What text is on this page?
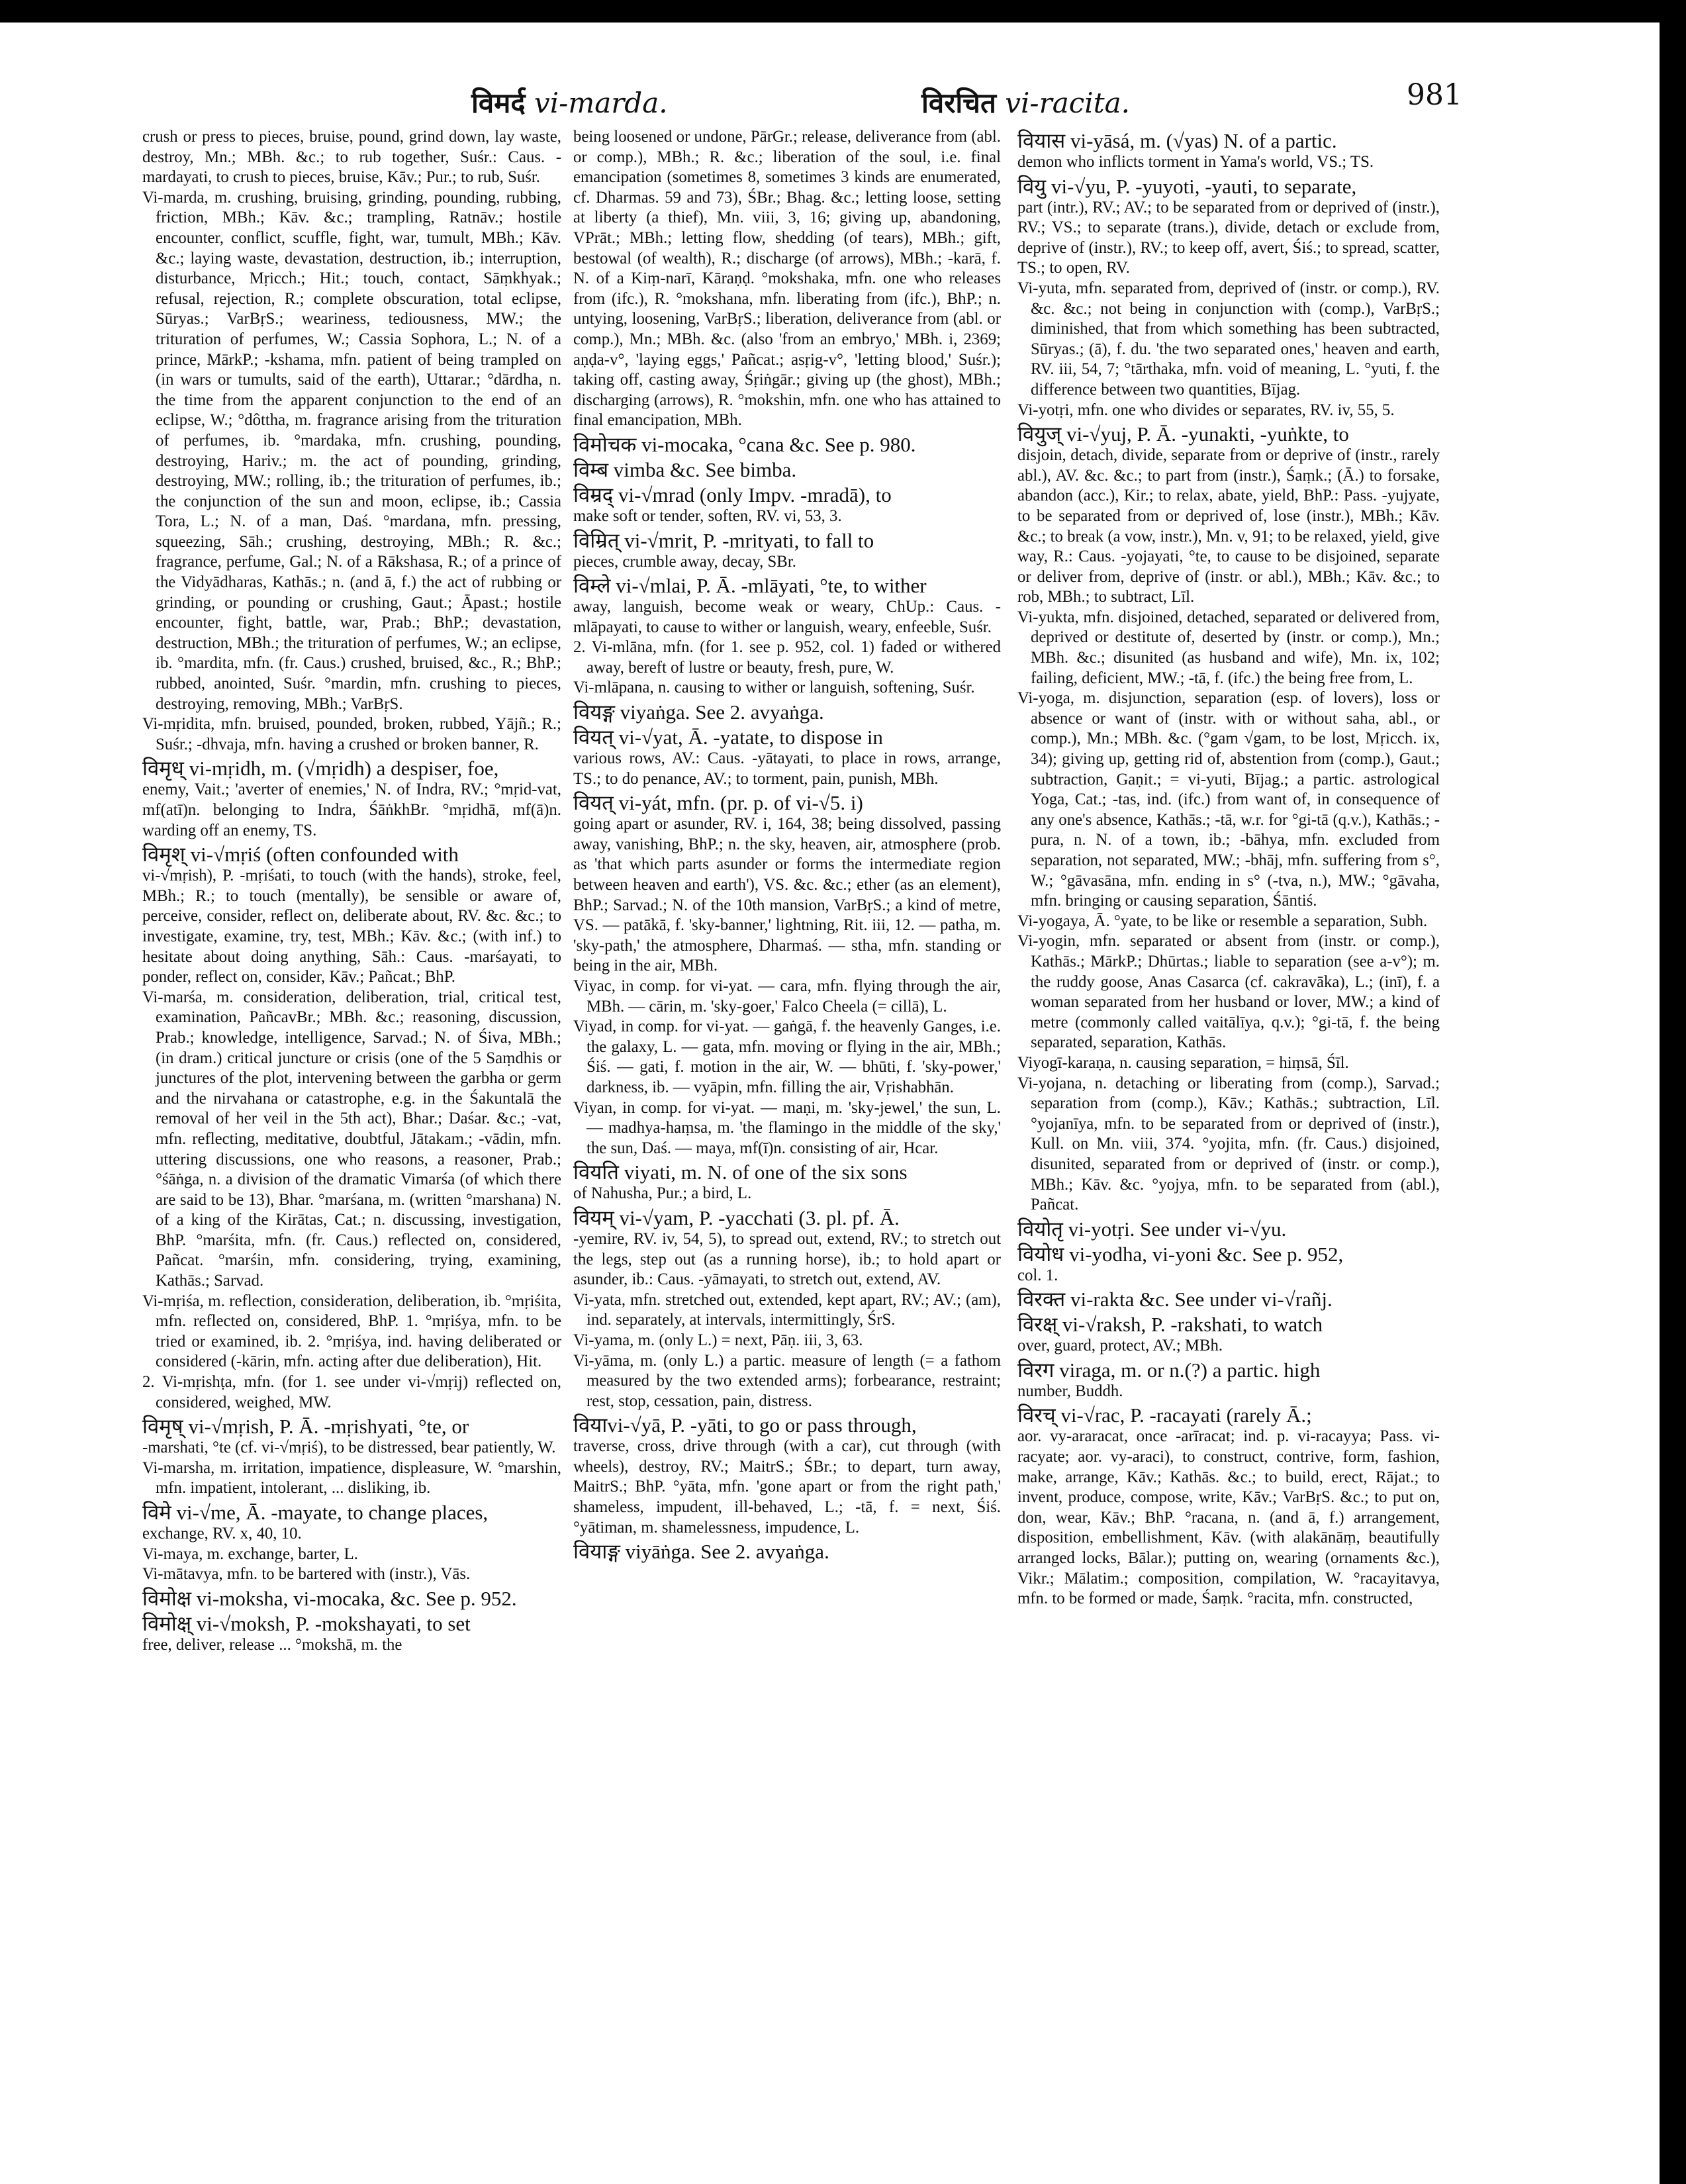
विमर्द vi-marda.	विरचित vi-racita.	981

crush or press to pieces, bruise, pound, grind down, lay waste, destroy, Mn.; MBh. &c.; to rub together, Suśr.: Caus. -mardayati, to crush to pieces, bruise, Kāv.; Pur.; to rub, Suśr.

Vi-marda, m. crushing, bruising, grinding, pounding, rubbing, friction, MBh.; Kāv. &c.; trampling, Ratnāv.; hostile encounter, conflict, scuffle, fight, war, tumult, MBh.; Kāv. &c.; laying waste, devastation, destruction, ib.; interruption, disturbance, Mṛicch.; Hit.; touch, contact, Sāṃkhyak.; refusal, rejection, R.; complete obscuration, total eclipse, Sūryas.; VarBṛS.; weariness, tediousness, MW.; the trituration of perfumes, W.; Cassia Sophora, L.; N. of a prince, MārkP.; -kshama, mfn. patient of being trampled on (in wars or tumults, said of the earth), Uttarar.; °dārdha, n. the time from the apparent conjunction to the end of an eclipse, W.; °dôttha, m. fragrance arising from the trituration of perfumes, ib. °mardaka, mfn. crushing, pounding, destroying, Hariv.; m. the act of pounding, grinding, destroying, MW.; rolling, ib.; the trituration of perfumes, ib.; the conjunction of the sun and moon, eclipse, ib.; Cassia Tora, L.; N. of a man, Daś. °mardana, mfn. pressing, squeezing, Sāh.; crushing, destroying, MBh.; R. &c.; fragrance, perfume, Gal.; N. of a Rākshasa, R.; of a prince of the Vidyādharas, Kathās.; n. (and ā, f.) the act of rubbing or grinding, or pounding or crushing, Gaut.; Āpast.; hostile encounter, fight, battle, war, Prab.; BhP.; devastation, destruction, MBh.; the trituration of perfumes, W.; an eclipse, ib. °mardita, mfn. (fr. Caus.) crushed, bruised, &c., R.; BhP.; rubbed, anointed, Suśr. °mardin, mfn. crushing to pieces, destroying, removing, MBh.; VarBṛS.

Vi-mṛidita, mfn. bruised, pounded, broken, rubbed, Yājñ.; R.; Suśr.; -dhvaja, mfn. having a crushed or broken banner, R.

विमृध् vi-mṛidh, m. (√mṛidh) a despiser, foe,

enemy, Vait.; 'averter of enemies,' N. of Indra, RV.; °mṛid-vat, mf(atī)n. belonging to Indra, ŚāṅkhBr. °mṛidhā, mf(ā)n. warding off an enemy, TS.

विमृश् vi-√mṛiś (often confounded with

vi-√mṛish), P. -mṛiśati, to touch (with the hands), stroke, feel, MBh.; R.; to touch (mentally), be sensible or aware of, perceive, consider, reflect on, deliberate about, RV. &c. &c.; to investigate, examine, try, test, MBh.; Kāv. &c.; (with inf.) to hesitate about doing anything, Sāh.: Caus. -marśayati, to ponder, reflect on, consider, Kāv.; Pañcat.; BhP.

Vi-marśa, m. consideration, deliberation, trial, critical test, examination, PañcavBr.; MBh. &c.; reasoning, discussion, Prab.; knowledge, intelligence, Sarvad.; N. of Śiva, MBh.; (in dram.) critical juncture or crisis (one of the 5 Saṃdhis or junctures of the plot, intervening between the garbha or germ and the nirvahana or catastrophe, e.g. in the Śakuntalā the removal of her veil in the 5th act), Bhar.; Daśar. &c.; -vat, mfn. reflecting, meditative, doubtful, Jātakam.; -vādin, mfn. uttering discussions, one who reasons, a reasoner, Prab.; °śāṅga, n. a division of the dramatic Vimarśa (of which there are said to be 13), Bhar. °marśana, m. (written °marshana) N. of a king of the Kirātas, Cat.; n. discussing, investigation, BhP. °marśita, mfn. (fr. Caus.) reflected on, considered, Pañcat. °marśin, mfn. considering, trying, examining, Kathās.; Sarvad.

Vi-mṛiśa, m. reflection, consideration, deliberation, ib. °mṛiśita, mfn. reflected on, considered, BhP. 1. °mṛiśya, mfn. to be tried or examined, ib. 2. °mṛiśya, ind. having deliberated or considered (-kārin, mfn. acting after due deliberation), Hit.

2. Vi-mṛishṭa, mfn. (for 1. see under vi-√mṛij) reflected on, considered, weighed, MW.

विमृष् vi-√mṛish, P. Ā. -mṛishyati, °te, or

-marshati, °te (cf. vi-√mṛiś), to be distressed, bear patiently, W.

Vi-marsha, m. irritation, impatience, displeasure, W. °marshin, mfn. impatient, intolerant, ... disliking, ib.

विमे vi-√me, Ā. -mayate, to change places,

exchange, RV. x, 40, 10.

Vi-maya, m. exchange, barter, L.

Vi-mātavya, mfn. to be bartered with (instr.), Vās.

विमोक्ष vi-moksha, vi-mocaka, &c. See p. 952.

विमोक्ष् vi-√moksh, P. -mokshayati, to set

free, deliver, release ... °mokshā, m. the

being loosened or undone, PārGr.; release, deliverance from (abl. or comp.), MBh.; R. &c.; liberation of the soul, i.e. final emancipation (sometimes 8, sometimes 3 kinds are enumerated, cf. Dharmas. 59 and 73), ŚBr.; Bhag. &c.; letting loose, setting at liberty (a thief), Mn. viii, 3, 16; giving up, abandoning, VPrāt.; MBh.; letting flow, shedding (of tears), MBh.; gift, bestowal (of wealth), R.; discharge (of arrows), MBh.; -karā, f. N. of a Kiṃ-narī, Kāraṇḍ. °mokshaka, mfn. one who releases from (ifc.), R. °mokshana, mfn. liberating from (ifc.), BhP.; n. untying, loosening, VarBṛS.; liberation, deliverance from (abl. or comp.), Mn.; MBh. &c. (also 'from an embryo,' MBh. i, 2369; aṇḍa-v°, 'laying eggs,' Pañcat.; asṛig-v°, 'letting blood,' Suśr.); taking off, casting away, Śṛiṅgār.; giving up (the ghost), MBh.; discharging (arrows), R. °mokshin, mfn. one who has attained to final emancipation, MBh.

विमोचक vi-mocaka, °cana &c. See p. 980.

विम्ब vimba &c. See bimba.

विम्रद् vi-√mrad (only Impv. -mradā), to

make soft or tender, soften, RV. vi, 53, 3.

विम्रित् vi-√mrit, P. -mrityati, to fall to

pieces, crumble away, decay, SBr.

विम्ले vi-√mlai, P. Ā. -mlāyati, °te, to wither

away, languish, become weak or weary, ChUp.: Caus. -mlāpayati, to cause to wither or languish, weary, enfeeble, Suśr.

2. Vi-mlāna, mfn. (for 1. see p. 952, col. 1) faded or withered away, bereft of lustre or beauty, fresh, pure, W.

Vi-mlāpana, n. causing to wither or languish, softening, Suśr.

वियङ्ग viyaṅga. See 2. avyaṅga.

वियत् vi-√yat, Ā. -yatate, to dispose in

various rows, AV.: Caus. -yātayati, to place in rows, arrange, TS.; to do penance, AV.; to torment, pain, punish, MBh.

वियत् vi-yát, mfn. (pr. p. of vi-√5. i)

going apart or asunder, RV. i, 164, 38; being dissolved, passing away, vanishing, BhP.; n. the sky, heaven, air, atmosphere (prob. as 'that which parts asunder or forms the intermediate region between heaven and earth'), VS. &c. &c.; ether (as an element), BhP.; Sarvad.; N. of the 10th mansion, VarBṛS.; a kind of metre, VS. — patākā, f. 'sky-banner,' lightning, Rit. iii, 12. — patha, m. 'sky-path,' the atmosphere, Dharmaś. — stha, mfn. standing or being in the air, MBh.

Viyac, in comp. for vi-yat. — cara, mfn. flying through the air, MBh. — cārin, m. 'sky-goer,' Falco Cheela (= cillā), L.

Viyad, in comp. for vi-yat. — gaṅgā, f. the heavenly Ganges, i.e. the galaxy, L. — gata, mfn. moving or flying in the air, MBh.; Śiś. — gati, f. motion in the air, W. — bhūti, f. 'sky-power,' darkness, ib. — vyāpin, mfn. filling the air, Vṛishabhān.

Viyan, in comp. for vi-yat. — maṇi, m. 'sky-jewel,' the sun, L. — madhya-haṃsa, m. 'the flamingo in the middle of the sky,' the sun, Daś. — maya, mf(ī)n. consisting of air, Hcar.

वियति viyati, m. N. of one of the six sons

of Nahusha, Pur.; a bird, L.

वियम् vi-√yam, P. -yacchati (3. pl. pf. Ā.

-yemire, RV. iv, 54, 5), to spread out, extend, RV.; to stretch out the legs, step out (as a running horse), ib.; to hold apart or asunder, ib.: Caus. -yāmayati, to stretch out, extend, AV.

Vi-yata, mfn. stretched out, extended, kept apart, RV.; AV.; (am), ind. separately, at intervals, intermittingly, ŚrS.

Vi-yama, m. (only L.) = next, Pāṇ. iii, 3, 63.

Vi-yāma, m. (only L.) a partic. measure of length (= a fathom measured by the two extended arms); forbearance, restraint; rest, stop, cessation, pain, distress.

वियाvi-√yā, P. -yāti, to go or pass through,

traverse, cross, drive through (with a car), cut through (with wheels), destroy, RV.; MaitrS.; ŚBr.; to depart, turn away, MaitrS.; BhP. °yāta, mfn. 'gone apart or from the right path,' shameless, impudent, ill-behaved, L.; -tā, f. = next, Śiś. °yātiman, m. shamelessness, impudence, L.

वियाङ्ग viyāṅga. See 2. avyaṅga.

वियास vi-yāsá, m. (√yas) N. of a partic.

demon who inflicts torment in Yama's world, VS.; TS.

वियु vi-√yu, P. -yuyoti, -yauti, to separate,

part (intr.), RV.; AV.; to be separated from or deprived of (instr.), RV.; VS.; to separate (trans.), divide, detach or exclude from, deprive of (instr.), RV.; to keep off, avert, Śiś.; to spread, scatter, TS.; to open, RV.

Vi-yuta, mfn. separated from, deprived of (instr. or comp.), RV. &c. &c.; not being in conjunction with (comp.), VarBṛS.; diminished, that from which something has been subtracted, Sūryas.; (ā), f. du. 'the two separated ones,' heaven and earth, RV. iii, 54, 7; °tārthaka, mfn. void of meaning, L. °yuti, f. the difference between two quantities, Bījag.

Vi-yotṛi, mfn. one who divides or separates, RV. iv, 55, 5.

वियुज् vi-√yuj, P. Ā. -yunakti, -yuṅkte, to

disjoin, detach, divide, separate from or deprive of (instr., rarely abl.), AV. &c. &c.; to part from (instr.), Śaṃk.; (Ā.) to forsake, abandon (acc.), Kir.; to relax, abate, yield, BhP.: Pass. -yujyate, to be separated from or deprived of, lose (instr.), MBh.; Kāv. &c.; to break (a vow, instr.), Mn. v, 91; to be relaxed, yield, give way, R.: Caus. -yojayati, °te, to cause to be disjoined, separate or deliver from, deprive of (instr. or abl.), MBh.; Kāv. &c.; to rob, MBh.; to subtract, Līl.

Vi-yukta, mfn. disjoined, detached, separated or delivered from, deprived or destitute of, deserted by (instr. or comp.), Mn.; MBh. &c.; disunited (as husband and wife), Mn. ix, 102; failing, deficient, MW.; -tā, f. (ifc.) the being free from, L.

Vi-yoga, m. disjunction, separation (esp. of lovers), loss or absence or want of (instr. with or without saha, abl., or comp.), Mn.; MBh. &c. (°gam √gam, to be lost, Mṛicch. ix, 34); giving up, getting rid of, abstention from (comp.), Gaut.; subtraction, Gaṇit.; = vi-yuti, Bījag.; a partic. astrological Yoga, Cat.; -tas, ind. (ifc.) from want of, in consequence of any one's absence, Kathās.; -tā, w.r. for °gi-tā (q.v.), Kathās.; -pura, n. N. of a town, ib.; -bāhya, mfn. excluded from separation, not separated, MW.; -bhāj, mfn. suffering from s°, W.; °gāvasāna, mfn. ending in s° (-tva, n.), MW.; °gāvaha, mfn. bringing or causing separation, Śāntiś.

Vi-yogaya, Ā. °yate, to be like or resemble a separation, Subh.

Vi-yogin, mfn. separated or absent from (instr. or comp.), Kathās.; MārkP.; Dhūrtas.; liable to separation (see a-v°); m. the ruddy goose, Anas Casarca (cf. cakravāka), L.; (inī), f. a woman separated from her husband or lover, MW.; a kind of metre (commonly called vaitālīya, q.v.); °gi-tā, f. the being separated, separation, Kathās.

Viyogī-karaṇa, n. causing separation, = hiṃsā, Śīl.

Vi-yojana, n. detaching or liberating from (comp.), Sarvad.; separation from (comp.), Kāv.; Kathās.; subtraction, Līl. °yojanīya, mfn. to be separated from or deprived of (instr.), Kull. on Mn. viii, 374. °yojita, mfn. (fr. Caus.) disjoined, disunited, separated from or deprived of (instr. or comp.), MBh.; Kāv. &c. °yojya, mfn. to be separated from (abl.), Pañcat.

वियोतृ vi-yotṛi. See under vi-√yu.

वियोध vi-yodha, vi-yoni &c. See p. 952,

col. 1.

विरक्त vi-rakta &c. See under vi-√rañj.

विरक्ष् vi-√raksh, P. -rakshati, to watch

over, guard, protect, AV.; MBh.

विरग viraga, m. or n.(?) a partic. high

number, Buddh.

विरच् vi-√rac, P. -racayati (rarely Ā.;

aor. vy-araracat, once -arīracat; ind. p. vi-racayya; Pass. vi-racyate; aor. vy-araci), to construct, contrive, form, fashion, make, arrange, Kāv.; Kathās. &c.; to build, erect, Rājat.; to invent, produce, compose, write, Kāv.; VarBṛS. &c.; to put on, don, wear, Kāv.; BhP. °racana, n. (and ā, f.) arrangement, disposition, embellishment, Kāv. (with alakānāṃ, beautifully arranged locks, Bālar.); putting on, wearing (ornaments &c.), Vikr.; Mālatim.; composition, compilation, W. °racayitavya, mfn. to be formed or made, Śaṃk. °racita, mfn. constructed,
